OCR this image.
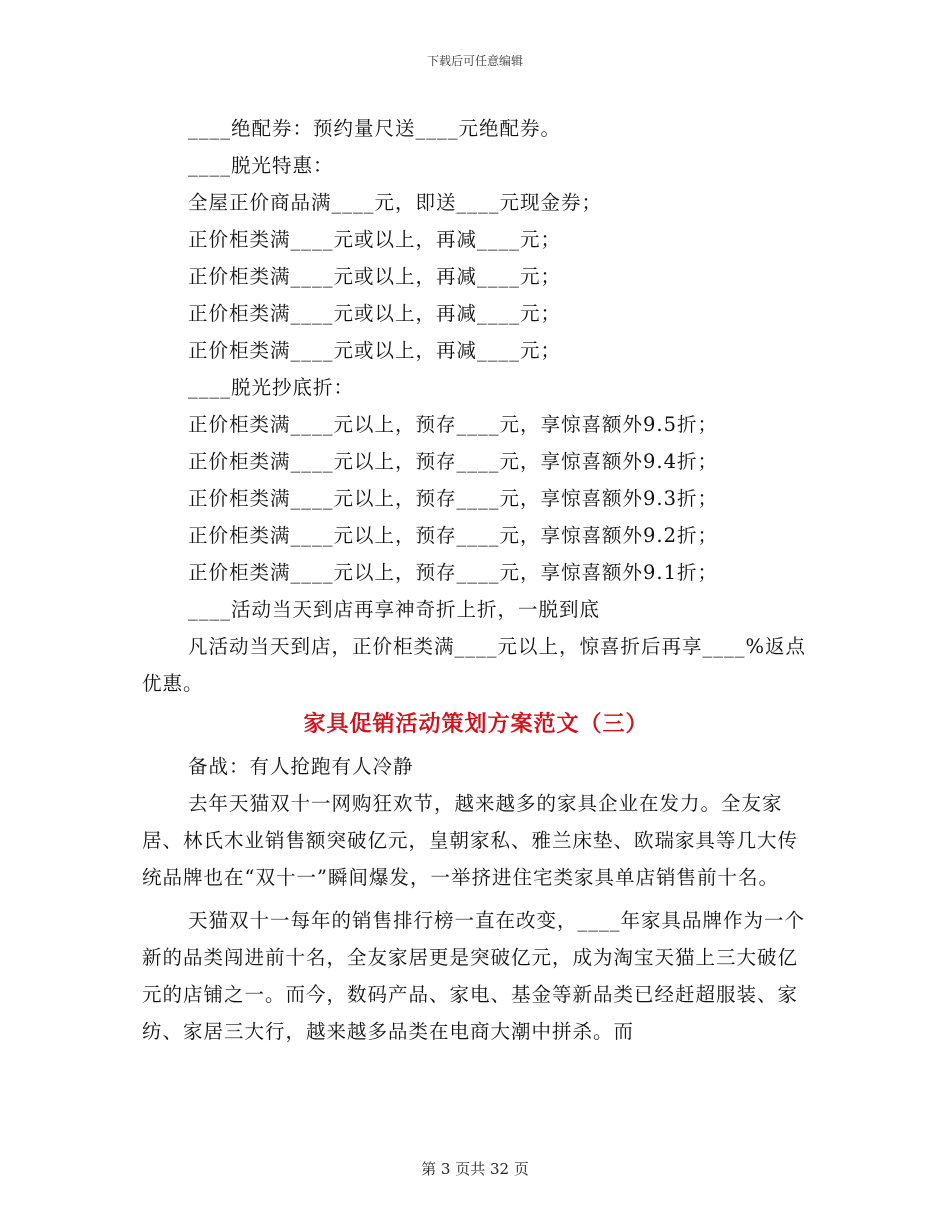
下载后可任意编辑

____绝配券：预约量尺送____元绝配券。

____脱光特惠：

全屋正价商品满____元，即送____元现金券；

正价柜类满____元或以上，再减____元；

正价柜类满____元或以上，再减____元；

正价柜类满____元或以上，再减____元；

正价柜类满____元或以上，再减____元；

____脱光抄底折：

正价柜类满____元以上，预存____元，享惊喜额外9.5折；

正价柜类满____元以上，预存____元，享惊喜额外9.4折；

正价柜类满____元以上，预存____元，享惊喜额外9.3折；

正价柜类满____元以上，预存____元，享惊喜额外9.2折；

正价柜类满____元以上，预存____元，享惊喜额外9.1折；

____活动当天到店再享神奇折上折，一脱到底

凡活动当天到店，正价柜类满____元以上，惊喜折后再享____%返点优惠。

家具促销活动策划方案范文（三）

备战：有人抢跑有人冷静

去年天猫双十一网购狂欢节，越来越多的家具企业在发力。全友家居、林氏木业销售额突破亿元，皇朝家私、雅兰床垫、欧瑞家具等几大传统品牌也在“双十一”瞬间爆发，一举挤进住宅类家具单店销售前十名。

天猫双十一每年的销售排行榜一直在改变，____年家具品牌作为一个新的品类闯进前十名，全友家居更是突破亿元，成为淘宝天猫上三大破亿元的店铺之一。而今，数码产品、家电、基金等新品类已经赶超服装、家纺、家居三大行，越来越多品类在电商大潮中拼杀。而

第 3 页共 32 页
